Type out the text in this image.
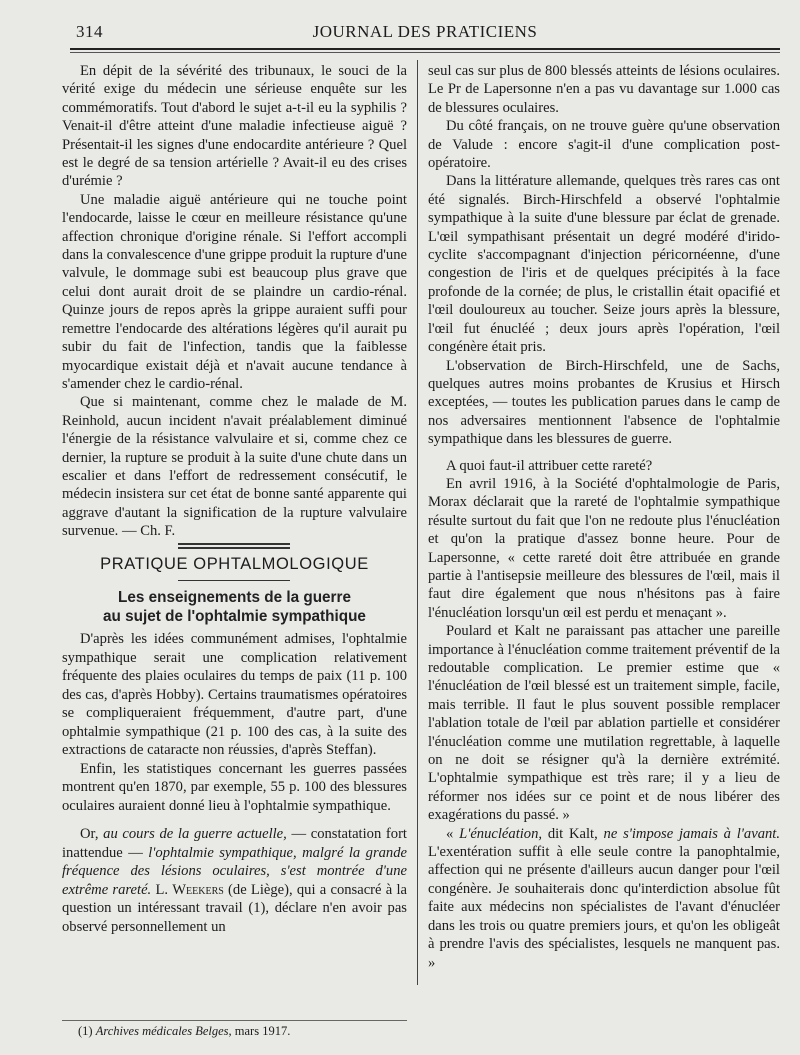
314	JOURNAL DES PRATICIENS

En dépit de la sévérité des tribunaux, le souci de la vérité exige du médecin une sérieuse enquête sur les commémoratifs. Tout d'abord le sujet a-t-il eu la syphilis ? Venait-il d'être atteint d'une maladie infectieuse aiguë ? Présentait-il les signes d'une endocardite antérieure ? Quel est le degré de sa tension artérielle ? Avait-il eu des crises d'urémie ?

Une maladie aiguë antérieure qui ne touche point l'endocarde, laisse le cœur en meilleure résistance qu'une affection chronique d'origine rénale. Si l'effort accompli dans la convalescence d'une grippe produit la rupture d'une valvule, le dommage subi est beaucoup plus grave que celui dont aurait droit de se plaindre un cardio-rénal. Quinze jours de repos après la grippe auraient suffi pour remettre l'endocarde des altérations légères qu'il aurait pu subir du fait de l'infection, tandis que la faiblesse myocardique existait déjà et n'avait aucune tendance à s'amender chez le cardio-rénal.

Que si maintenant, comme chez le malade de M. Reinhold, aucun incident n'avait préalablement diminué l'énergie de la résistance valvulaire et si, comme chez ce dernier, la rupture se produit à la suite d'une chute dans un escalier et dans l'effort de redressement consécutif, le médecin insistera sur cet état de bonne santé apparente qui aggrave d'autant la signification de la rupture valvulaire survenue. — Ch. F.

PRATIQUE OPHTALMOLOGIQUE
Les enseignements de la guerre
au sujet de l'ophtalmie sympathique

D'après les idées communément admises, l'ophtalmie sympathique serait une complication relativement fréquente des plaies oculaires du temps de paix (11 p. 100 des cas, d'après Hobby). Certains traumatismes opératoires se compliqueraient fréquemment, d'autre part, d'une ophtalmie sympathique (21 p. 100 des cas, à la suite des extractions de cataracte non réussies, d'après Steffan).

Enfin, les statistiques concernant les guerres passées montrent qu'en 1870, par exemple, 55 p. 100 des blessures oculaires auraient donné lieu à l'ophtalmie sympathique.

Or, au cours de la guerre actuelle, — constatation fort inattendue — l'ophtalmie sympathique, malgré la grande fréquence des lésions oculaires, s'est montrée d'une extrême rareté. L. Weekers (de Liège), qui a consacré à la question un intéressant travail (1), déclare n'en avoir pas observé personnellement un

(1) Archives médicales Belges, mars 1917.

seul cas sur plus de 800 blessés atteints de lésions oculaires. Le Pr de Lapersonne n'en a pas vu davantage sur 1.000 cas de blessures oculaires.

Du côté français, on ne trouve guère qu'une observation de Valude : encore s'agit-il d'une complication post-opératoire.

Dans la littérature allemande, quelques très rares cas ont été signalés. Birch-Hirschfeld a observé l'ophtalmie sympathique à la suite d'une blessure par éclat de grenade. L'œil sympathisant présentait un degré modéré d'irido-cyclite s'accompagnant d'injection péricornéenne, d'une congestion de l'iris et de quelques précipités à la face profonde de la cornée; de plus, le cristallin était opacifié et l'œil douloureux au toucher. Seize jours après la blessure, l'œil fut énucléé ; deux jours après l'opération, l'œil congénère était pris.

L'observation de Birch-Hirschfeld, une de Sachs, quelques autres moins probantes de Krusius et Hirsch exceptées, — toutes les publication parues dans le camp de nos adversaires mentionnent l'absence de l'ophtalmie sympathique dans les blessures de guerre.

A quoi faut-il attribuer cette rareté?

En avril 1916, à la Société d'ophtalmologie de Paris, Morax déclarait que la rareté de l'ophtalmie sympathique résulte surtout du fait que l'on ne redoute plus l'énucléation et qu'on la pratique d'assez bonne heure. Pour de Lapersonne, « cette rareté doit être attribuée en grande partie à l'antisepsie meilleure des blessures de l'œil, mais il faut dire également que nous n'hésitons pas à faire l'énucléation lorsqu'un œil est perdu et menaçant ».

Poulard et Kalt ne paraissant pas attacher une pareille importance à l'énucléation comme traitement préventif de la redoutable complication. Le premier estime que « l'énucléation de l'œil blessé est un traitement simple, facile, mais terrible. Il faut le plus souvent possible remplacer l'ablation totale de l'œil par ablation partielle et considérer l'énucléation comme une mutilation regrettable, à laquelle on ne doit se résigner qu'à la dernière extrémité. L'ophtalmie sympathique est très rare; il y a lieu de réformer nos idées sur ce point et de nous libérer des exagérations du passé. »

« L'énucléation, dit Kalt, ne s'impose jamais à l'avant. L'exentération suffit à elle seule contre la panophtalmie, affection qui ne présente d'ailleurs aucun danger pour l'œil congénère. Je souhaiterais donc qu'interdiction absolue fût faite aux médecins non spécialistes de l'avant d'énucléer dans les trois ou quatre premiers jours, et qu'on les obligeât à prendre l'avis des spécialistes, lesquels ne manquent pas. »
